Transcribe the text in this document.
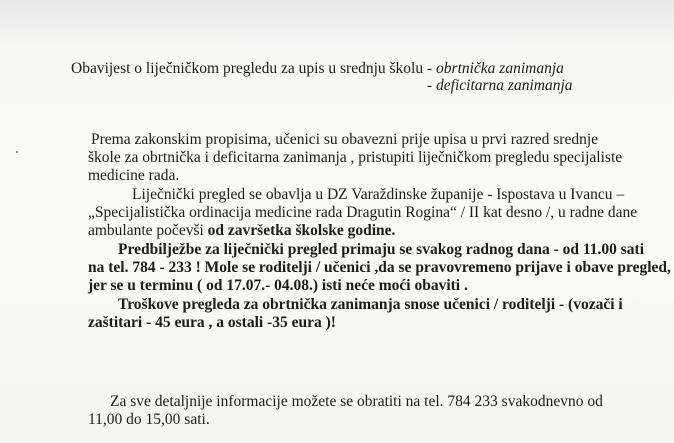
Obavijest o liječničkom pregledu za upis u srednju školu - obrtnička zanimanja
- deficitarna zanimanja
Prema zakonskim propisima, učenici su obavezni prije upisa u prvi razred srednje
škole za obrtnička i deficitarna zanimanja , pristupiti liječničkom pregledu specijaliste
medicine rada.
Liječnički pregled se obavlja u DZ Varaždinske županije - Ispostava u Ivancu –
„Specijalistička ordinacija medicine rada Dragutin Rogina“ / II kat desno /, u radne dane
ambulante počevši od završetka školske godine.
Predbilježbe za liječnički pregled primaju se svakog radnog dana - od 11.00 sati
na tel. 784 - 233 ! Mole se roditelji / učenici ,da se pravovremeno prijave i obave pregled,
jer se u terminu ( od 17.07.- 04.08.) isti neće moći obaviti .
Troškove pregleda za obrtnička zanimanja snose učenici / roditelji - (vozači i
zaštitari - 45 eura , a ostali -35 eura )!
Za sve detaljnije informacije možete se obratiti na tel. 784 233 svakodnevno od
11,00 do 15,00 sati.
